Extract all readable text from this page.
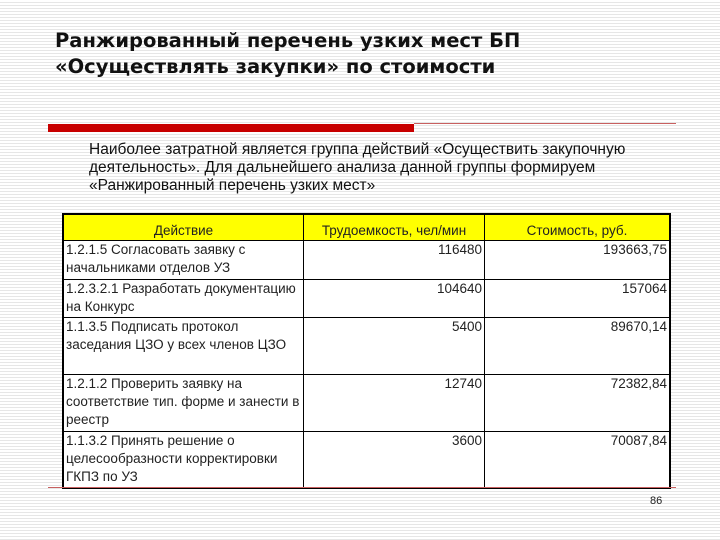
Ранжированный перечень узких мест БП
«Осуществлять закупки» по стоимости
Наиболее затратной является группа действий «Осуществить закупочную деятельность». Для дальнейшего анализа данной группы формируем «Ранжированный перечень узких мест»
Действие	Трудоемкость, чел/мин	Стоимость, руб.
1.2.1.5 Согласовать заявку с начальниками отделов УЗ	116480	193663,75
1.2.3.2.1 Разработать документацию на Конкурс	104640	157064
1.1.3.5 Подписать протокол заседания ЦЗО у всех членов ЦЗО	5400	89670,14
1.2.1.2 Проверить заявку на соответствие тип. форме и занести в реестр	12740	72382,84
1.1.3.2 Принять решение о целесообразности корректировки ГКПЗ по УЗ	3600	70087,84
86
